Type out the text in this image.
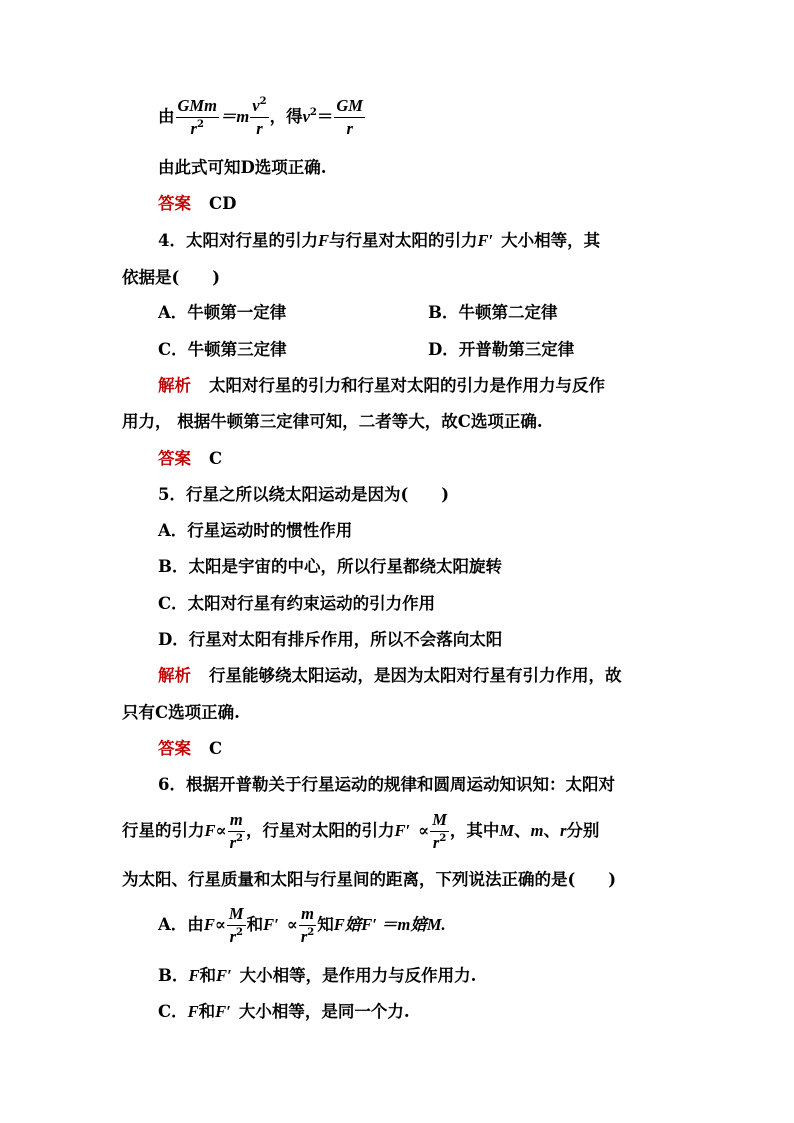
由 $\frac{\text{GMm}}{r^2} =m \frac{v^2}{r}$ ，得$v^2= \frac{GM}{r}$
由此式可知D选项正确.
答案 CD
4．太阳对行星的引力F与行星对太阳的引力F′ 大小相等，其
依据是(　　)
A．牛顿第一定律	B．牛顿第二定律
C．牛顿第三定律	D．开普勒第三定律
解析 太阳对行星的引力和行星对太阳的引力是作用力与反作
用力， 根据牛顿第三定律可知，二者等大，故C选项正确.
答案 C
5．行星之所以绕太阳运动是因为(　　)
A．行星运动时的惯性作用
B．太阳是宇宙的中心，所以行星都绕太阳旋转
C．太阳对行星有约束运动的引力作用
D．行星对太阳有排斥作用，所以不会落向太阳
解析 行星能够绕太阳运动，是因为太阳对行星有引力作用，故
只有C选项正确.
答案 C
6．根据开普勒关于行星运动的规律和圆周运动知识知：太阳对
行星的引力$F\propto \frac{m}{r^2}$ ，行星对太阳的引力$F' \propto \frac{M}{r^2}$ ，其中M、m、r分别
为太阳、行星质量和太阳与行星间的距离，下列说法正确的是(　　)
A．由$F\propto \frac{M}{r^2}$ 和$F' \propto \frac{m}{r^2}$ 知F婄F′ ＝m婄M.
B．F和F′ 大小相等，是作用力与反作用力.
C．F和F′ 大小相等，是同一个力.
